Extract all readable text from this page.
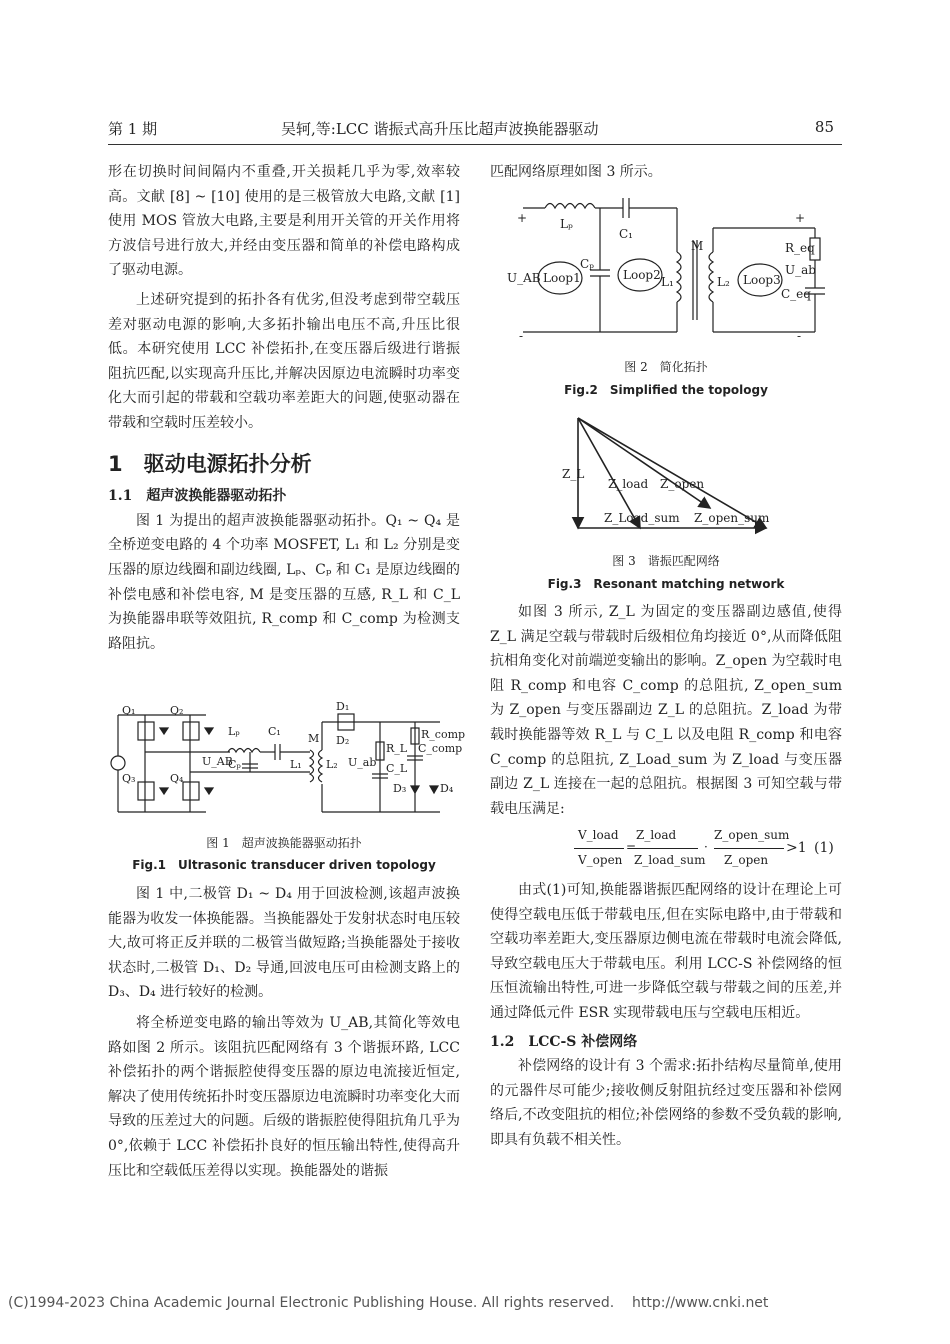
第 1 期	吴轲,等:LCC 谐振式高升压比超声波换能器驱动	85

形在切换时间间隔内不重叠,开关损耗几乎为零,效率较高。文献 [8] ~ [10] 使用的是三极管放大电路,文献 [1] 使用 MOS 管放大电路,主要是利用开关管的开关作用将方波信号进行放大,并经由变压器和简单的补偿电路构成了驱动电源。

上述研究提到的拓扑各有优劣,但没考虑到带空载压差对驱动电源的影响,大多拓扑输出电压不高,升压比很低。本研究使用 LCC 补偿拓扑,在变压器后级进行谐振阻抗匹配,以实现高升压比,并解决因原边电流瞬时功率变化大而引起的带载和空载功率差距大的问题,使驱动器在带载和空载时压差较小。

1　驱动电源拓扑分析
1.1　超声波换能器驱动拓扑

图 1 为提出的超声波换能器驱动拓扑。Q₁ ~ Q₄ 是全桥逆变电路的 4 个功率 MOSFET, L₁ 和 L₂ 分别是变压器的原边线圈和副边线圈, Lₚ、Cₚ 和 C₁ 是原边线圈的补偿电感和补偿电容, M 是变压器的互感, R_L 和 C_L 为换能器串联等效阻抗, R_comp 和 C_comp 为检测支路阻抗。

Q₁	Q₂
Q₃	Q₄
Lₚ	C₁
U_AB
Cₚ
M
L₁ L₂
D₁
D₂
R_L
C_L
U_ab
R_comp
C_comp
D₃	D₄
图 1　超声波换能器驱动拓扑
Fig.1　Ultrasonic transducer driven topology

图 1 中,二极管 D₁ ~ D₄ 用于回波检测,该超声波换能器为收发一体换能器。当换能器处于发射状态时电压较大,故可将正反并联的二极管当做短路;当换能器处于接收状态时,二极管 D₁、D₂ 导通,回波电压可由检测支路上的 D₃、D₄ 进行较好的检测。

将全桥逆变电路的输出等效为 U_AB,其简化等效电路如图 2 所示。该阻抗匹配网络有 3 个谐振环路, LCC 补偿拓扑的两个谐振腔使得变压器的原边电流接近恒定,解决了使用传统拓扑时变压器原边电流瞬时功率变化大而导致的压差过大的问题。后级的谐振腔使得阻抗角几乎为 0°,依赖于 LCC 补偿拓扑良好的恒压输出特性,使得高升压比和空载低压差得以实现。换能器处的谐振

匹配网络原理如图 3 所示。

Lₚ
C₁
M
U_AB
Cₚ
Loop1	Loop2	Loop3
L₁	L₂
R_eq
U_ab
C_eq
+
-
+
-
图 2　简化拓扑
Fig.2　Simplified the topology
Z_L
Z_load Z_open
Z_Load_sum Z_open_sum
图 3　谐振匹配网络
Fig.3　Resonant matching network

如图 3 所示, Z_L 为固定的变压器副边感值,使得 Z_L 满足空载与带载时后级相位角均接近 0°,从而降低阻抗相角变化对前端逆变输出的影响。Z_open 为空载时电阻 R_comp 和电容 C_comp 的总阻抗, Z_open_sum 为 Z_open 与变压器副边 Z_L 的总阻抗。Z_load 为带载时换能器等效 R_L 与 C_L 以及电阻 R_comp 和电容 C_comp 的总阻抗, Z_Load_sum 为 Z_load 与变压器副边 Z_L 连接在一起的总阻抗。根据图 3 可知空载与带载电压满足:

V_load
V_open
=
Z_load
Z_load_sum
·
Z_open_sum
Z_open
>1 (1)

由式(1)可知,换能器谐振匹配网络的设计在理论上可使得空载电压低于带载电压,但在实际电路中,由于带载和空载功率差距大,变压器原边侧电流在带载时电流会降低,导致空载电压大于带载电压。利用 LCC-S 补偿网络的恒压恒流输出特性,可进一步降低空载与带载之间的压差,并通过降低元件 ESR 实现带载电压与空载电压相近。

1.2　LCC-S 补偿网络

补偿网络的设计有 3 个需求:拓扑结构尽量简单,使用的元器件尽可能少;接收侧反射阻抗经过变压器和补偿网络后,不改变阻抗的相位;补偿网络的参数不受负载的影响,即具有负载不相关性。

(C)1994-2023 China Academic Journal Electronic Publishing House. All rights reserved. http://www.cnki.net
